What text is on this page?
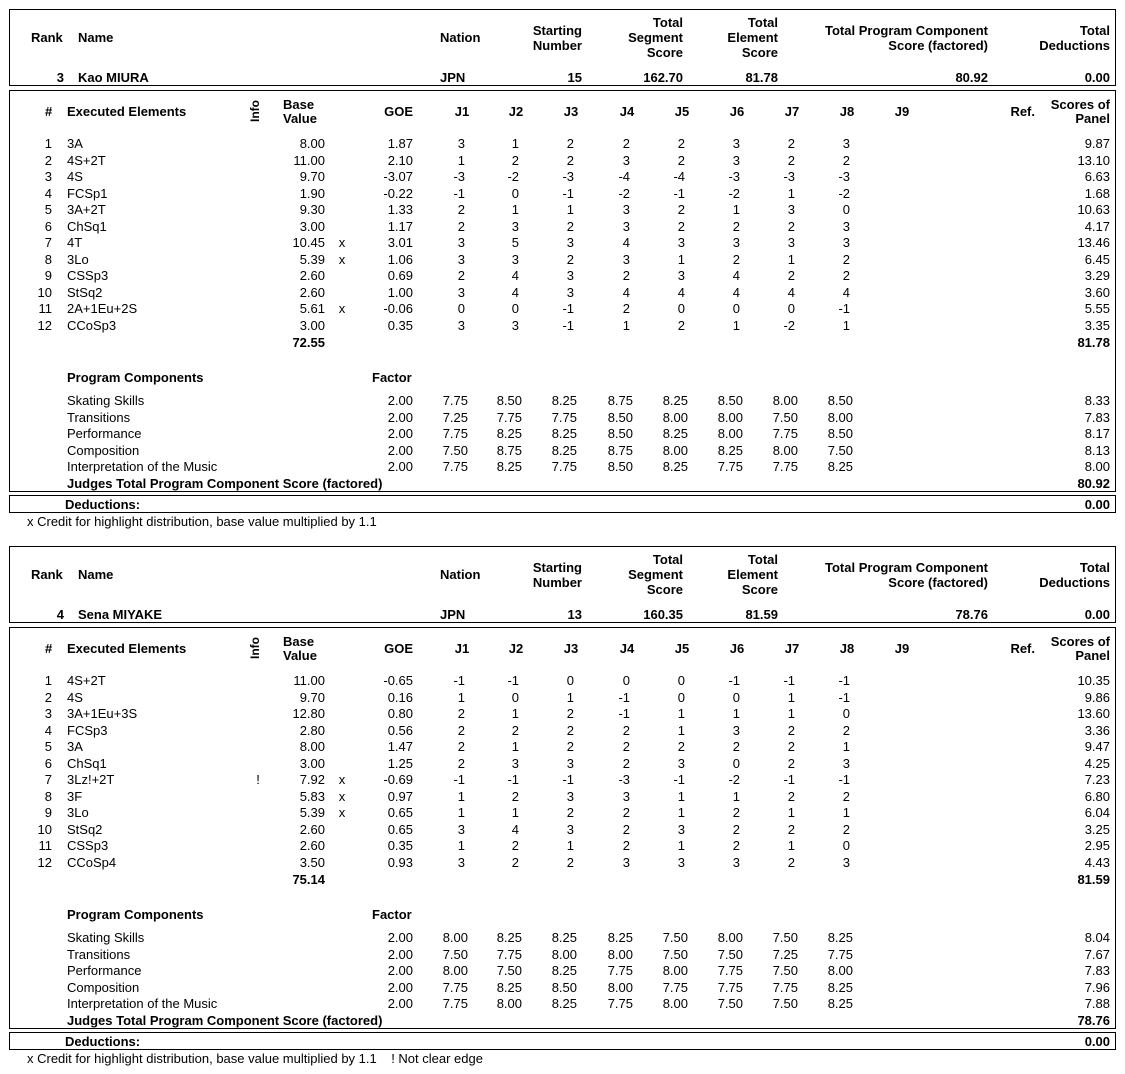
Rank Name	Nation	Starting
Number
Total
Segment
Score
Total
Element
Score
Total Program Component
Score (factored)
Total
Deductions
3 Kao MIURA	JPN	15	162.70	81.78	80.92	0.00
# Executed Elements	Info Base
Value	GOE	J1	J2	J3	J4	J5	J6	J7	J8	J9	Ref.	Scores of
Panel
1 3A	8.00	1.87	3	1	2	2	2	3	2	3	9.87
2 4S+2T	11.00	2.10	1	2	2	3	2	3	2	2	13.10
3 4S	9.70	-3.07	-3	-2	-3	-4	-4	-3	-3	-3	6.63
4 FCSp1	1.90	-0.22	-1	0	-1	-2	-1	-2	1	-2	1.68
5 3A+2T	9.30	1.33	2	1	1	3	2	1	3	0	10.63
6 ChSq1	3.00	1.17	2	3	2	3	2	2	2	3	4.17
7 4T	10.45 x	3.01	3	5	3	4	3	3	3	3	13.46
8 3Lo	5.39 x	1.06	3	3	2	3	1	2	1	2	6.45
9 CSSp3	2.60	0.69	2	4	3	2	3	4	2	2	3.29
10 StSq2	2.60	1.00	3	4	3	4	4	4	4	4	3.60
11 2A+1Eu+2S	5.61 x	-0.06	0	0	-1	2	0	0	0	-1	5.55
12 CCoSp3	3.00	0.35	3	3	-1	1	2	1	-2	1	3.35
72.55	81.78
Program Components	Factor
Skating Skills	2.00	7.75	8.50	8.25	8.75	8.25	8.50	8.00	8.50	8.33
Transitions	2.00	7.25	7.75	7.75	8.50	8.00	8.00	7.50	8.00	7.83
Performance	2.00	7.75	8.25	8.25	8.50	8.25	8.00	7.75	8.50	8.17
Composition	2.00	7.50	8.75	8.25	8.75	8.00	8.25	8.00	7.50	8.13
Interpretation of the Music	2.00	7.75	8.25	7.75	8.50	8.25	7.75	7.75	8.25	8.00
Judges Total Program Component Score (factored)	80.92
Deductions:	0.00
x Credit for highlight distribution, base value multiplied by 1.1
Rank Name	Nation	Starting
Number
Total
Segment
Score
Total
Element
Score
Total Program Component
Score (factored)
Total
Deductions
4 Sena MIYAKE	JPN	13	160.35	81.59	78.76	0.00
# Executed Elements	Info Base
Value	GOE	J1	J2	J3	J4	J5	J6	J7	J8	J9	Ref.	Scores of
Panel
1 4S+2T	11.00	-0.65	-1	-1	0	0	0	-1	-1	-1	10.35
2 4S	9.70	0.16	1	0	1	-1	0	0	1	-1	9.86
3 3A+1Eu+3S	12.80	0.80	2	1	2	-1	1	1	1	0	13.60
4 FCSp3	2.80	0.56	2	2	2	2	1	3	2	2	3.36
5 3A	8.00	1.47	2	1	2	2	2	2	2	1	9.47
6 ChSq1	3.00	1.25	2	3	3	2	3	0	2	3	4.25
7 3Lz!+2T	!	7.92 x	-0.69	-1	-1	-1	-3	-1	-2	-1	-1	7.23
8 3F	5.83 x	0.97	1	2	3	3	1	1	2	2	6.80
9 3Lo	5.39 x	0.65	1	1	2	2	1	2	1	1	6.04
10 StSq2	2.60	0.65	3	4	3	2	3	2	2	2	3.25
11 CSSp3	2.60	0.35	1	2	1	2	1	2	1	0	2.95
12 CCoSp4	3.50	0.93	3	2	2	3	3	3	2	3	4.43
75.14	81.59
Program Components	Factor
Skating Skills	2.00	8.00	8.25	8.25	8.25	7.50	8.00	7.50	8.25	8.04
Transitions	2.00	7.50	7.75	8.00	8.00	7.50	7.50	7.25	7.75	7.67
Performance	2.00	8.00	7.50	8.25	7.75	8.00	7.75	7.50	8.00	7.83
Composition	2.00	7.75	8.25	8.50	8.00	7.75	7.75	7.75	8.25	7.96
Interpretation of the Music	2.00	7.75	8.00	8.25	7.75	8.00	7.50	7.50	8.25	7.88
Judges Total Program Component Score (factored)	78.76
Deductions:	0.00
x Credit for highlight distribution, base value multiplied by 1.1    ! Not clear edge
